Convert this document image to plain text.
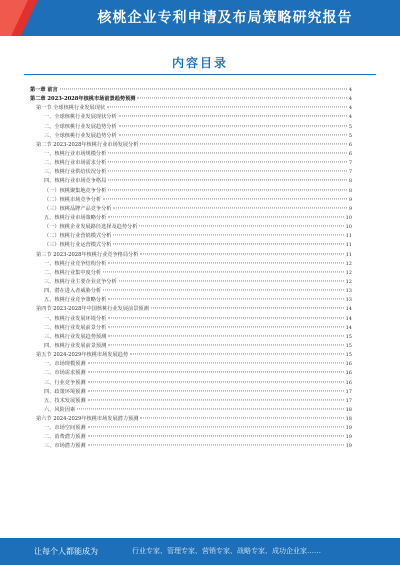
核桃企业专利申请及布局策略研究报告
内容目录
第一章 前言	4
第二章 2023-2028年核桃市场前景趋势预测	4
第一节 全球核桃行业发展现状	4
一、全球核桃行业发展现状分析	4
二、全球核桃行业发展趋势分析	5
三、全球核桃行业发展趋势分析	5
第二节 2023-2028年核桃行业市场发展分析	6
一、核桃行业市场规模分析	6
二、核桃行业市场需求分析	7
三、核桃行业供给状况分析	7
四、核桃行业市场竞争格局	8
（一）核桃聚集地竞争分析	8
（二）核桃市场竞争分析	9
（三）核桃品牌产品竞争分析	9
五、核桃行业市场策略分析	10
（一）核桃企业发展路径选择及趋势分析	10
（二）核桃行业营销模式分析	11
（三）核桃行业运营模式分析	11
第三节 2023-2028年核桃行业竞争格局分析	11
一、核桃行业竞争结构分析	12
二、核桃行业集中度分析	12
三、核桃行业主要企业竞争分析	12
四、潜在进入者威胁分析	13
五、核桃行业竞争策略分析	13
第四节 2023-2028年中国核桃行业发展前景预测	14
一、核桃行业发展环境分析	14
二、核桃行业发展前景分析	14
三、核桃行业发展趋势预测	15
四、核桃行业发展前景预测	15
第五节 2024-2029年核桃市场发展趋势	15
一、市场规模预测	16
二、市场需求预测	16
三、行业竞争预测	16
四、政策环境预测	17
五、技术发展预测	17
六、风险因素	18
第六节 2024-2029年核桃市场发展潜力预测	18
一、市场空间预测	19
二、消费潜力预测	19
三、市场潜力预测	19
让每个人都能成为	行业专家、管理专家、营销专家、战略专家、成功企业家……
